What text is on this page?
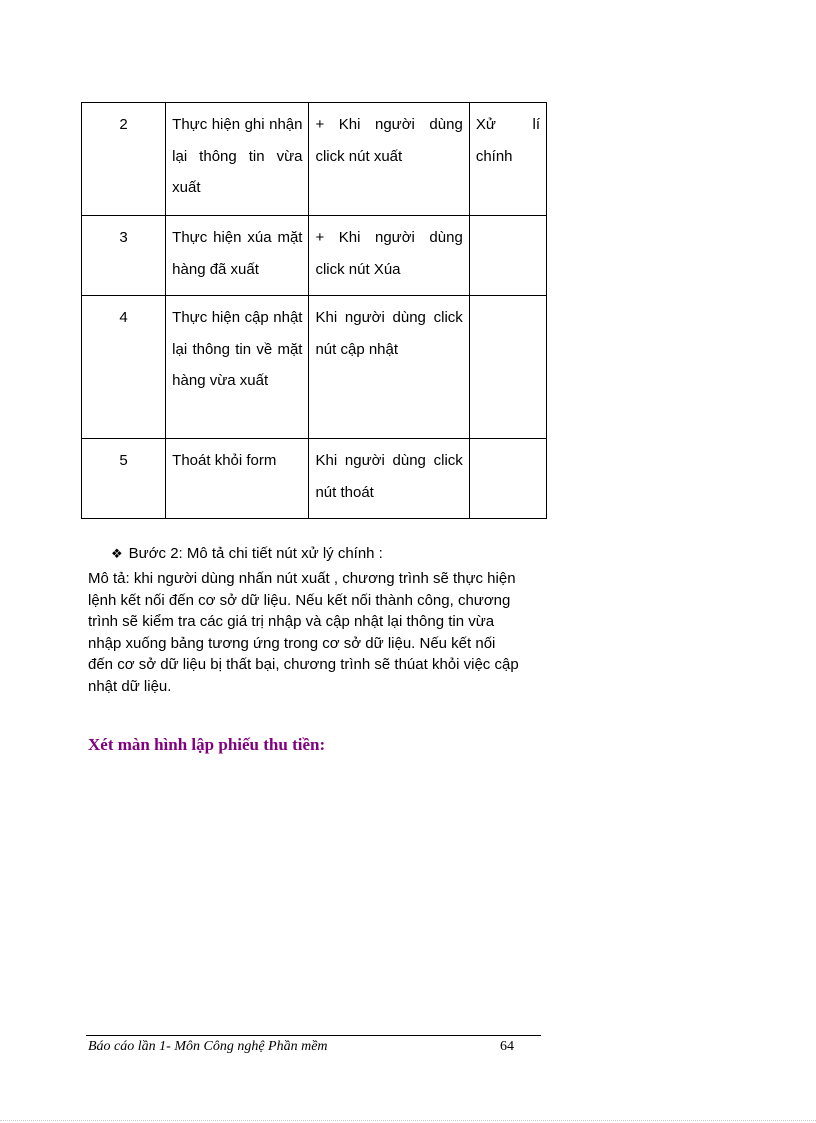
2	Thực hiện ghi nhận lại thông tin vừa xuất	+ Khi người dùng click nút xuất	Xử lí chính
3	Thực hiện xúa mặt hàng đã xuất	+ Khi người dùng click nút Xúa	
4	Thực hiện cập nhật lại thông tin về mặt hàng vừa xuất	Khi người dùng click nút cập nhật	
5	Thoát khỏi form	Khi người dùng click nút thoát	
❖ Bước 2: Mô tả chi tiết nút xử lý chính :
Mô tả: khi người dùng nhấn nút xuất , chương trình sẽ thực hiện
lệnh kết nối đến cơ sở dữ liệu. Nếu kết nối thành công, chương
trình sẽ kiểm tra các giá trị nhập và cập nhật lại thông tin vừa
nhập xuống bảng tương ứng trong cơ sở dữ liệu. Nếu kết nối
đến cơ sở dữ liệu bị thất bại, chương trình sẽ thúat khỏi việc cập
nhật dữ liệu.
Xét màn hình lập phiếu thu tiền:
Báo cáo lần 1- Môn Công nghệ Phần mềm	64
